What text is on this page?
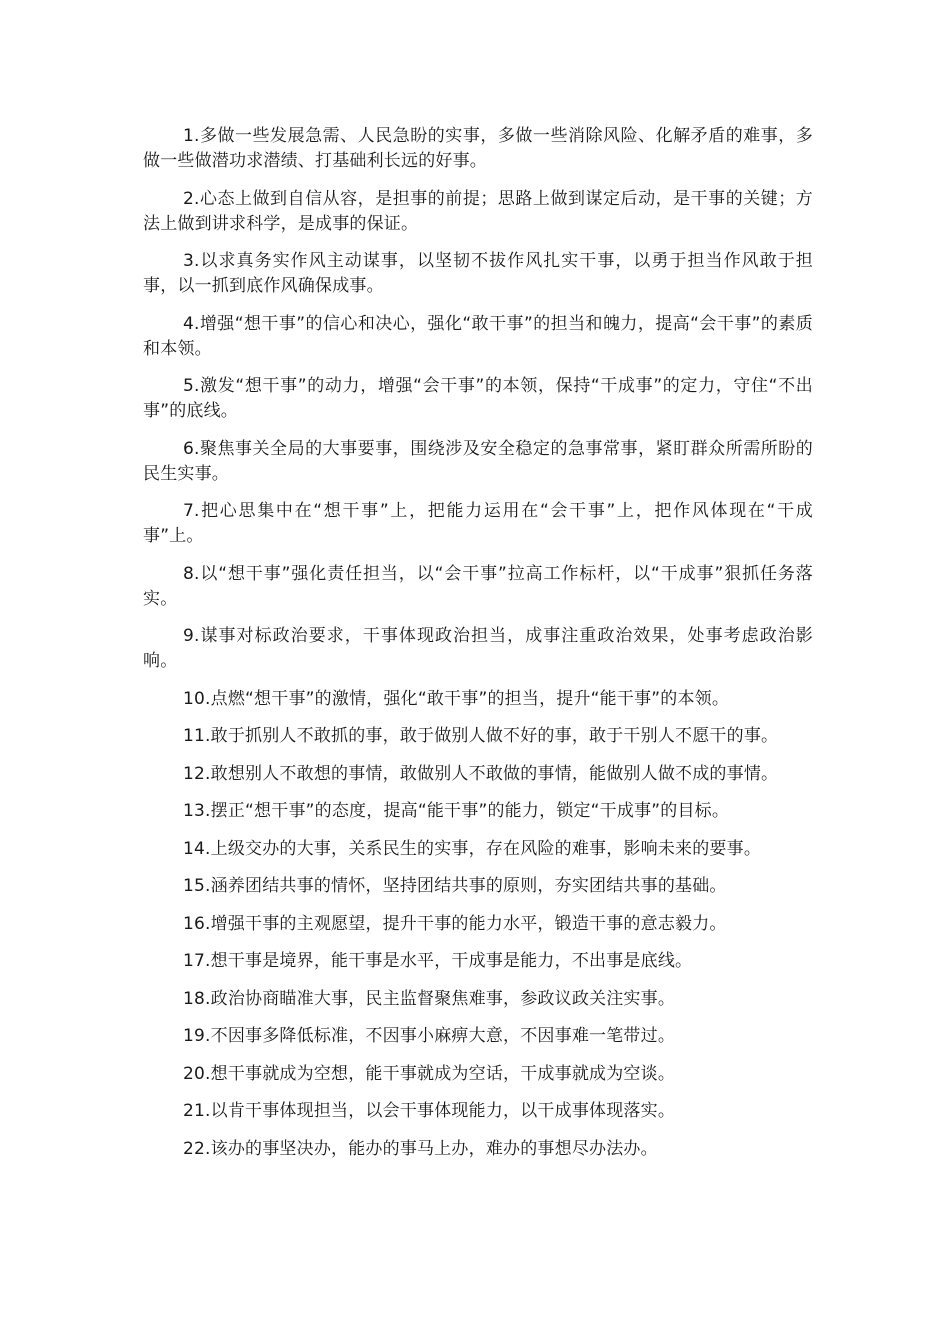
1.多做一些发展急需、人民急盼的实事，多做一些消除风险、化解矛盾的难事，多做一些做潜功求潜绩、打基础利长远的好事。

2.心态上做到自信从容，是担事的前提；思路上做到谋定后动，是干事的关键；方法上做到讲求科学，是成事的保证。

3.以求真务实作风主动谋事，以坚韧不拔作风扎实干事，以勇于担当作风敢于担事，以一抓到底作风确保成事。

4.增强“想干事”的信心和决心，强化“敢干事”的担当和魄力，提高“会干事”的素质和本领。

5.激发“想干事”的动力，增强“会干事”的本领，保持“干成事”的定力，守住“不出事”的底线。

6.聚焦事关全局的大事要事，围绕涉及安全稳定的急事常事，紧盯群众所需所盼的民生实事。

7.把心思集中在“想干事”上，把能力运用在“会干事”上，把作风体现在“干成事”上。

8.以“想干事”强化责任担当，以“会干事”拉高工作标杆，以“干成事”狠抓任务落实。

9.谋事对标政治要求，干事体现政治担当，成事注重政治效果，处事考虑政治影响。

10.点燃“想干事”的激情，强化“敢干事”的担当，提升“能干事”的本领。

11.敢于抓别人不敢抓的事，敢于做别人做不好的事，敢于干别人不愿干的事。

12.敢想别人不敢想的事情，敢做别人不敢做的事情，能做别人做不成的事情。

13.摆正“想干事”的态度，提高“能干事”的能力，锁定“干成事”的目标。

14.上级交办的大事，关系民生的实事，存在风险的难事，影响未来的要事。

15.涵养团结共事的情怀，坚持团结共事的原则，夯实团结共事的基础。

16.增强干事的主观愿望，提升干事的能力水平，锻造干事的意志毅力。

17.想干事是境界，能干事是水平，干成事是能力，不出事是底线。

18.政治协商瞄准大事，民主监督聚焦难事，参政议政关注实事。

19.不因事多降低标准，不因事小麻痹大意，不因事难一笔带过。

20.想干事就成为空想，能干事就成为空话，干成事就成为空谈。

21.以肯干事体现担当，以会干事体现能力，以干成事体现落实。

22.该办的事坚决办，能办的事马上办，难办的事想尽办法办。
